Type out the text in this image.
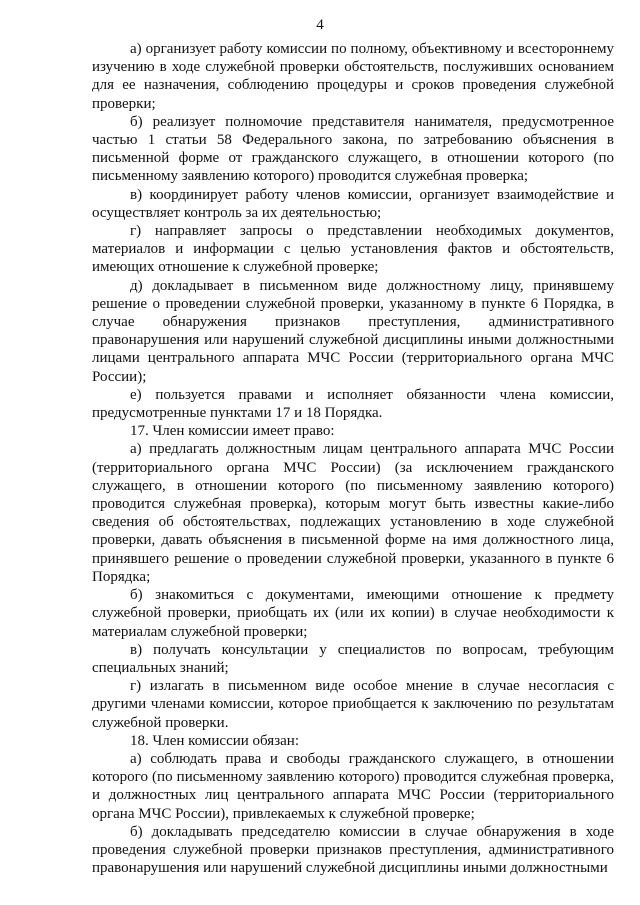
4

а) организует работу комиссии по полному, объективному и всестороннему изучению в ходе служебной проверки обстоятельств, послуживших основанием для ее назначения, соблюдению процедуры и сроков проведения служебной проверки;

б) реализует полномочие представителя нанимателя, предусмотренное частью 1 статьи 58 Федерального закона, по затребованию объяснения в письменной форме от гражданского служащего, в отношении которого (по письменному заявлению которого) проводится служебная проверка;

в) координирует работу членов комиссии, организует взаимодействие и осуществляет контроль за их деятельностью;

г) направляет запросы о представлении необходимых документов, материалов и информации с целью установления фактов и обстоятельств, имеющих отношение к служебной проверке;

д) докладывает в письменном виде должностному лицу, принявшему решение о проведении служебной проверки, указанному в пункте 6 Порядка, в случае обнаружения признаков преступления, административного правонарушения или нарушений служебной дисциплины иными должностными лицами центрального аппарата МЧС России (территориального органа МЧС России);

е) пользуется правами и исполняет обязанности члена комиссии, предусмотренные пунктами 17 и 18 Порядка.

17. Член комиссии имеет право:

а) предлагать должностным лицам центрального аппарата МЧС России (территориального органа МЧС России) (за исключением гражданского служащего, в отношении которого (по письменному заявлению которого) проводится служебная проверка), которым могут быть известны какие-либо сведения об обстоятельствах, подлежащих установлению в ходе служебной проверки, давать объяснения в письменной форме на имя должностного лица, принявшего решение о проведении служебной проверки, указанного в пункте 6 Порядка;

б) знакомиться с документами, имеющими отношение к предмету служебной проверки, приобщать их (или их копии) в случае необходимости к материалам служебной проверки;

в) получать консультации у специалистов по вопросам, требующим специальных знаний;

г) излагать в письменном виде особое мнение в случае несогласия с другими членами комиссии, которое приобщается к заключению по результатам служебной проверки.

18. Член комиссии обязан:

а) соблюдать права и свободы гражданского служащего, в отношении которого (по письменному заявлению которого) проводится служебная проверка, и должностных лиц центрального аппарата МЧС России (территориального органа МЧС России), привлекаемых к служебной проверке;

б) докладывать председателю комиссии в случае обнаружения в ходе проведения служебной проверки признаков преступления, административного правонарушения или нарушений служебной дисциплины иными должностными
